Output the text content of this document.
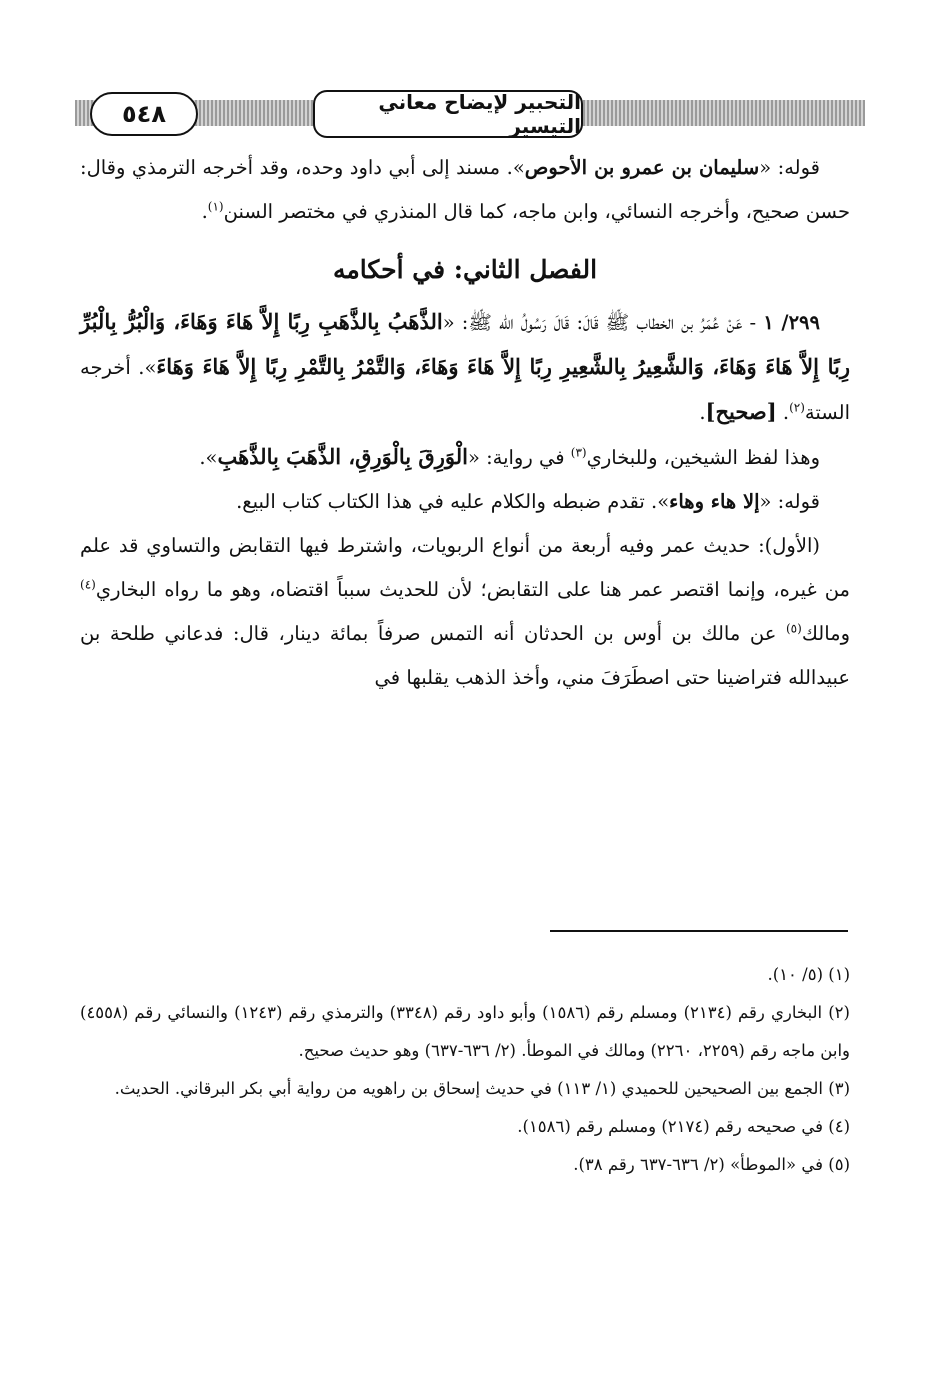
٥٤٨	التحبير لإيضاح معاني التيسير

قوله: «سليمان بن عمرو بن الأحوص». مسند إلى أبي داود وحده، وقد أخرجه الترمذي وقال: حسن صحيح، وأخرجه النسائي، وابن ماجه، كما قال المنذري في مختصر السنن$^{(١)}$.

الفصل الثاني: في أحكامه

٢٩٩/ ١ - عَنْ عُمَرُ بن الخطاب ﷺ قَالَ: قَالَ رَسُولُ الله ﷺ: «الذَّهَبُ بِالذَّهَبِ رِبًا إِلاَّ هَاءَ وَهَاءَ، وَالْبُرُّ بِالْبُرِّ رِبًا إِلاَّ هَاءَ وَهَاءَ، وَالشَّعِيرُ بِالشَّعِيرِ رِبًا إِلاَّ هَاءَ وَهَاءَ، وَالتَّمْرُ بِالتَّمْرِ رِبًا إِلاَّ هَاءَ وَهَاءَ». أخرجه الستة$^{(٢)}$. [صحيح].

وهذا لفظ الشيخين، وللبخاري$^{(٣)}$ في رواية: «الْوَرِقَ بِالْوَرِقِ، الذَّهَبَ بِالذَّهَبِ».

قوله: «إلا هاء وهاء». تقدم ضبطه والكلام عليه في هذا الكتاب كتاب البيع.

(الأول): حديث عمر وفيه أربعة من أنواع الربويات، واشترط فيها التقابض والتساوي قد علم من غيره، وإنما اقتصر عمر هنا على التقابض؛ لأن للحديث سبباً اقتضاه، وهو ما رواه البخاري$^{(٤)}$ ومالك$^{(٥)}$ عن مالك بن أوس بن الحدثان أنه التمس صرفاً بمائة دينار، قال: فدعاني طلحة بن عبيدالله فتراضينا حتى اصطَرَفَ مني، وأخذ الذهب يقلبها في

(١) (٥/ ١٠).

(٢) البخاري رقم (٢١٣٤) ومسلم رقم (١٥٨٦) وأبو داود رقم (٣٣٤٨) والترمذي رقم (١٢٤٣) والنسائي رقم (٤٥٥٨) وابن ماجه رقم (٢٢٥٩، ٢٢٦٠) ومالك في الموطأ. (٢/ ٦٣٦-٦٣٧) وهو حديث صحيح.

(٣) الجمع بين الصحيحين للحميدي (١/ ١١٣) في حديث إسحاق بن راهويه من رواية أبي بكر البرقاني. الحديث.

(٤) في صحيحه رقم (٢١٧٤) ومسلم رقم (١٥٨٦).

(٥) في «الموطأ» (٢/ ٦٣٦-٦٣٧ رقم ٣٨).
